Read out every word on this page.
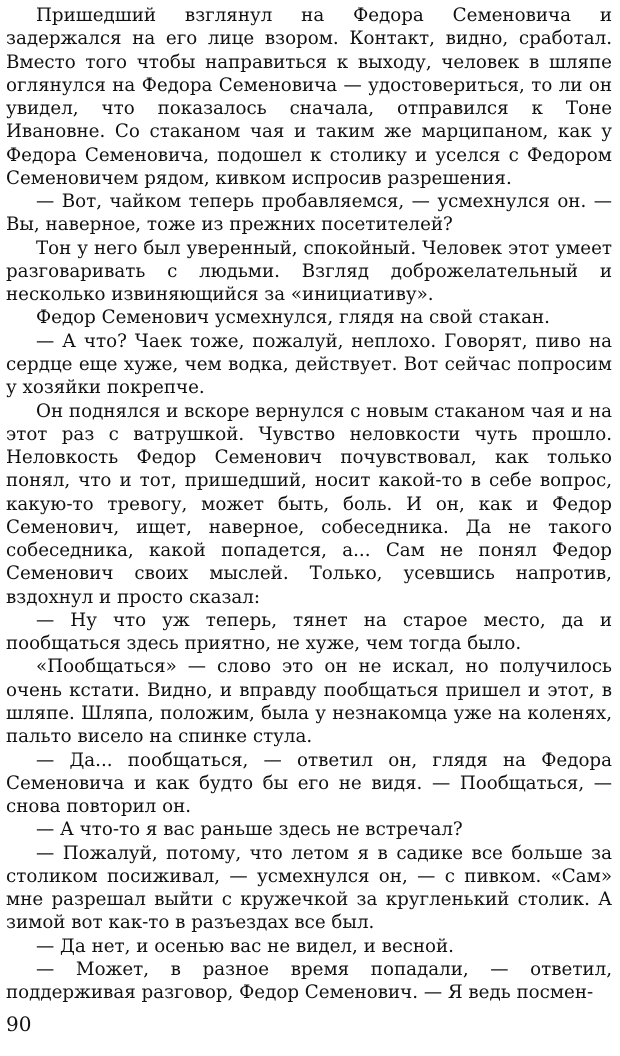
Пришедший взглянул на Федора Семеновича и задержался на его лице взором. Контакт, видно, сработал. Вместо того чтобы направиться к выходу, человек в шляпе оглянулся на Федора Семеновича — удостовериться, то ли он увидел, что показалось сначала, отправился к Тоне Ивановне. Со стаканом чая и таким же марципаном, как у Федора Семеновича, подошел к столику и уселся с Федором Семеновичем рядом, кивком испросив разрешения.

— Вот, чайком теперь пробавляемся, — усмехнулся он. — Вы, наверное, тоже из прежних посетителей?

Тон у него был уверенный, спокойный. Человек этот умеет разговаривать с людьми. Взгляд доброжелательный и несколько извиняющийся за «инициативу».

Федор Семенович усмехнулся, глядя на свой стакан.

— А что? Чаек тоже, пожалуй, неплохо. Говорят, пиво на сердце еще хуже, чем водка, действует. Вот сейчас попросим у хозяйки покрепче.

Он поднялся и вскоре вернулся с новым стаканом чая и на этот раз с ватрушкой. Чувство неловкости чуть прошло. Неловкость Федор Семенович почувствовал, как только понял, что и тот, пришедший, носит какой-то в себе вопрос, какую-то тревогу, может быть, боль. И он, как и Федор Семенович, ищет, наверное, собеседника. Да не такого собеседника, какой попадется, а... Сам не понял Федор Семенович своих мыслей. Только, усевшись напротив, вздохнул и просто сказал:

— Ну что уж теперь, тянет на старое место, да и пообщаться здесь приятно, не хуже, чем тогда было.

«Пообщаться» — слово это он не искал, но получилось очень кстати. Видно, и вправду пообщаться пришел и этот, в шляпе. Шляпа, положим, была у незнакомца уже на коленях, пальто висело на спинке стула.

— Да... пообщаться, — ответил он, глядя на Федора Семеновича и как будто бы его не видя. — Пообщаться, — снова повторил он.

— А что-то я вас раньше здесь не встречал?

— Пожалуй, потому, что летом я в садике все больше за столиком посиживал, — усмехнулся он, — с пивком. «Сам» мне разрешал выйти с кружечкой за кругленький столик. А зимой вот как-то в разъездах все был.

— Да нет, и осенью вас не видел, и весной.

— Может, в разное время попадали, — ответил, поддерживая разговор, Федор Семенович. — Я ведь посмен-

90
